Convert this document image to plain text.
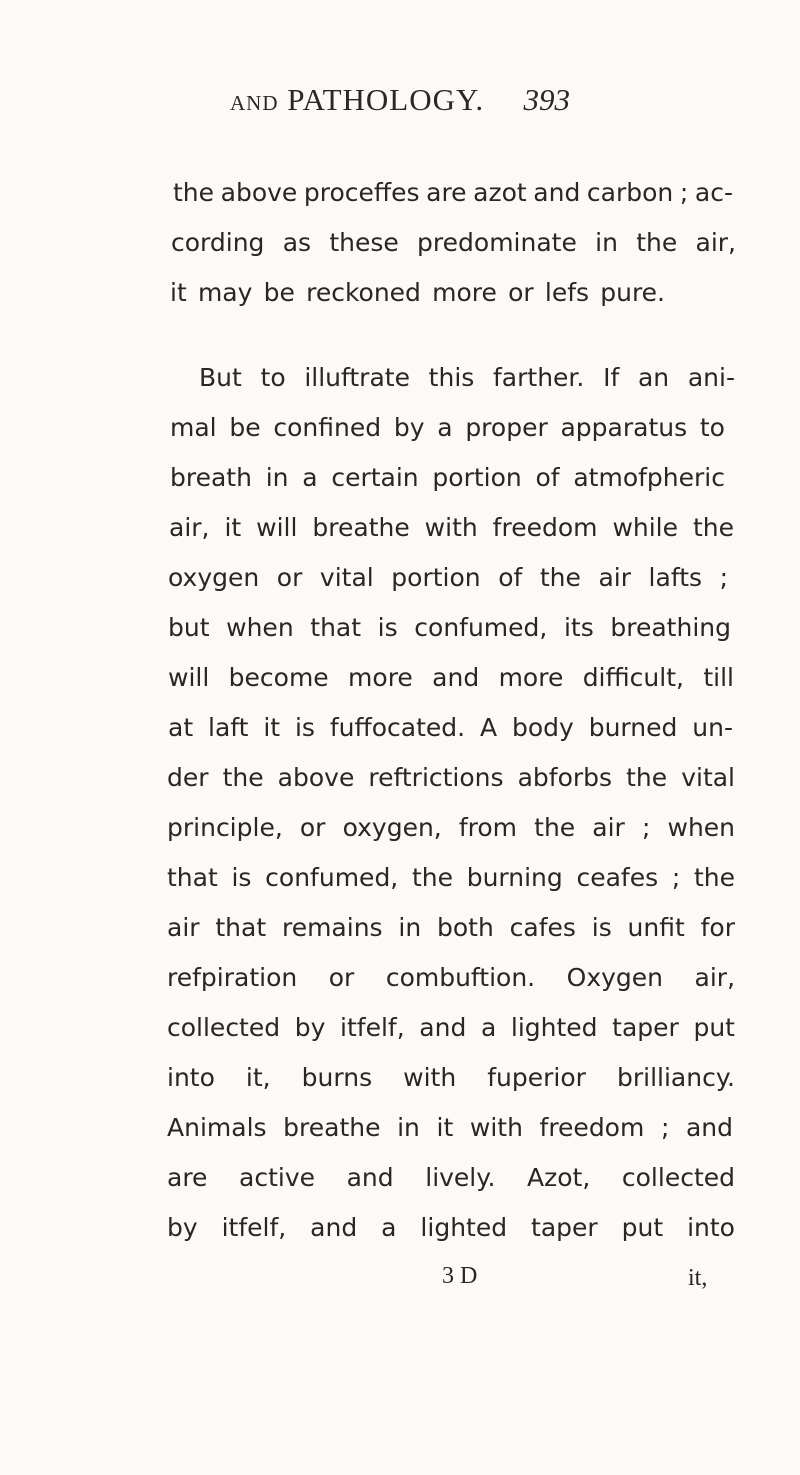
AND PATHOLOGY. 393
the above proceffes are azot and carbon ; ac-
cording as these predominate in the air,
it may be reckoned more or lefs pure.
But to illuftrate this farther. If an ani-
mal be confined by a proper apparatus to
breath in a certain portion of atmofpheric
air, it will breathe with freedom while the
oxygen or vital portion of the air lafts ;
but when that is confumed, its breathing
will become more and more difficult, till
at laft it is fuffocated. A body burned un-
der the above reftrictions abforbs the vital
principle, or oxygen, from the air ; when
that is confumed, the burning ceafes ; the
air that remains in both cafes is unfit for
refpiration or combuftion. Oxygen air,
collected by itfelf, and a lighted taper put
into it, burns with fuperior brilliancy.
Animals breathe in it with freedom ; and
are active and lively. Azot, collected
by itfelf, and a lighted taper put into
3 D	it,
